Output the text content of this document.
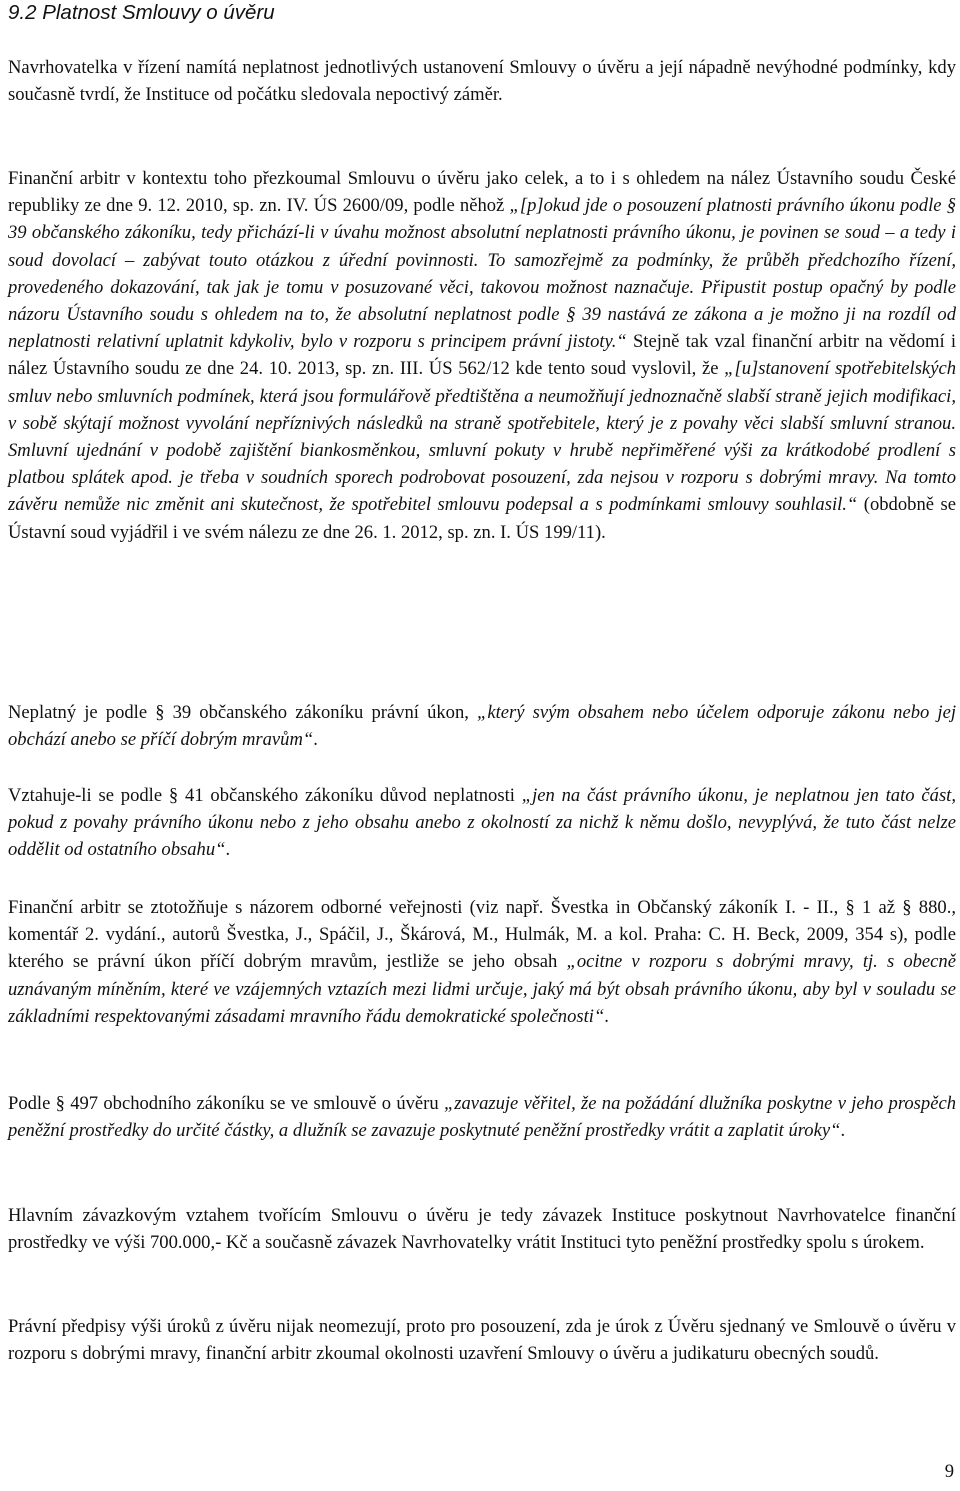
9.2 Platnost Smlouvy o úvěru

Navrhovatelka v řízení namítá neplatnost jednotlivých ustanovení Smlouvy o úvěru a její nápadně nevýhodné podmínky, kdy současně tvrdí, že Instituce od počátku sledovala nepoctivý záměr.

Finanční arbitr v kontextu toho přezkoumal Smlouvu o úvěru jako celek, a to i s ohledem na nález Ústavního soudu České republiky ze dne 9. 12. 2010, sp. zn. IV. ÚS 2600/09, podle něhož „[p]okud jde o posouzení platnosti právního úkonu podle § 39 občanského zákoníku, tedy přichází-li v úvahu možnost absolutní neplatnosti právního úkonu, je povinen se soud – a tedy i soud dovolací – zabývat touto otázkou z úřední povinnosti. To samozřejmě za podmínky, že průběh předchozího řízení, provedeného dokazování, tak jak je tomu v posuzované věci, takovou možnost naznačuje. Připustit postup opačný by podle názoru Ústavního soudu s ohledem na to, že absolutní neplatnost podle § 39 nastává ze zákona a je možno ji na rozdíl od neplatnosti relativní uplatnit kdykoliv, bylo v rozporu s principem právní jistoty.“ Stejně tak vzal finanční arbitr na vědomí i nález Ústavního soudu ze dne 24. 10. 2013, sp. zn. III. ÚS 562/12 kde tento soud vyslovil, že „[u]stanovení spotřebitelských smluv nebo smluvních podmínek, která jsou formulářově předtištěna a neumožňují jednoznačně slabší straně jejich modifikaci, v sobě skýtají možnost vyvolání nepříznivých následků na straně spotřebitele, který je z povahy věci slabší smluvní stranou. Smluvní ujednání v podobě zajištění biankosměnkou, smluvní pokuty v hrubě nepřiměřené výši za krátkodobé prodlení s platbou splátek apod. je třeba v soudních sporech podrobovat posouzení, zda nejsou v rozporu s dobrými mravy. Na tomto závěru nemůže nic změnit ani skutečnost, že spotřebitel smlouvu podepsal a s podmínkami smlouvy souhlasil.“ (obdobně se Ústavní soud vyjádřil i ve svém nálezu ze dne 26. 1. 2012, sp. zn. I. ÚS 199/11).

Neplatný je podle § 39 občanského zákoníku právní úkon, „který svým obsahem nebo účelem odporuje zákonu nebo jej obchází anebo se příčí dobrým mravům“.

Vztahuje-li se podle § 41 občanského zákoníku důvod neplatnosti „jen na část právního úkonu, je neplatnou jen tato část, pokud z povahy právního úkonu nebo z jeho obsahu anebo z okolností za nichž k němu došlo, nevyplývá, že tuto část nelze oddělit od ostatního obsahu“.

Finanční arbitr se ztotožňuje s názorem odborné veřejnosti (viz např. Švestka in Občanský zákoník I. - II., § 1 až § 880., komentář 2. vydání., autorů Švestka, J., Spáčil, J., Škárová, M., Hulmák, M. a kol. Praha: C. H. Beck, 2009, 354 s), podle kterého se právní úkon příčí dobrým mravům, jestliže se jeho obsah „ocitne v rozporu s dobrými mravy, tj. s obecně uznávaným míněním, které ve vzájemných vztazích mezi lidmi určuje, jaký má být obsah právního úkonu, aby byl v souladu se základními respektovanými zásadami mravního řádu demokratické společnosti“.

Podle § 497 obchodního zákoníku se ve smlouvě o úvěru „zavazuje věřitel, že na požádání dlužníka poskytne v jeho prospěch peněžní prostředky do určité částky, a dlužník se zavazuje poskytnuté peněžní prostředky vrátit a zaplatit úroky“.

Hlavním závazkovým vztahem tvořícím Smlouvu o úvěru je tedy závazek Instituce poskytnout Navrhovatelce finanční prostředky ve výši 700.000,- Kč a současně závazek Navrhovatelky vrátit Instituci tyto peněžní prostředky spolu s úrokem.

Právní předpisy výši úroků z úvěru nijak neomezují, proto pro posouzení, zda je úrok z Úvěru sjednaný ve Smlouvě o úvěru v rozporu s dobrými mravy, finanční arbitr zkoumal okolnosti uzavření Smlouvy o úvěru a judikaturu obecných soudů.

9
